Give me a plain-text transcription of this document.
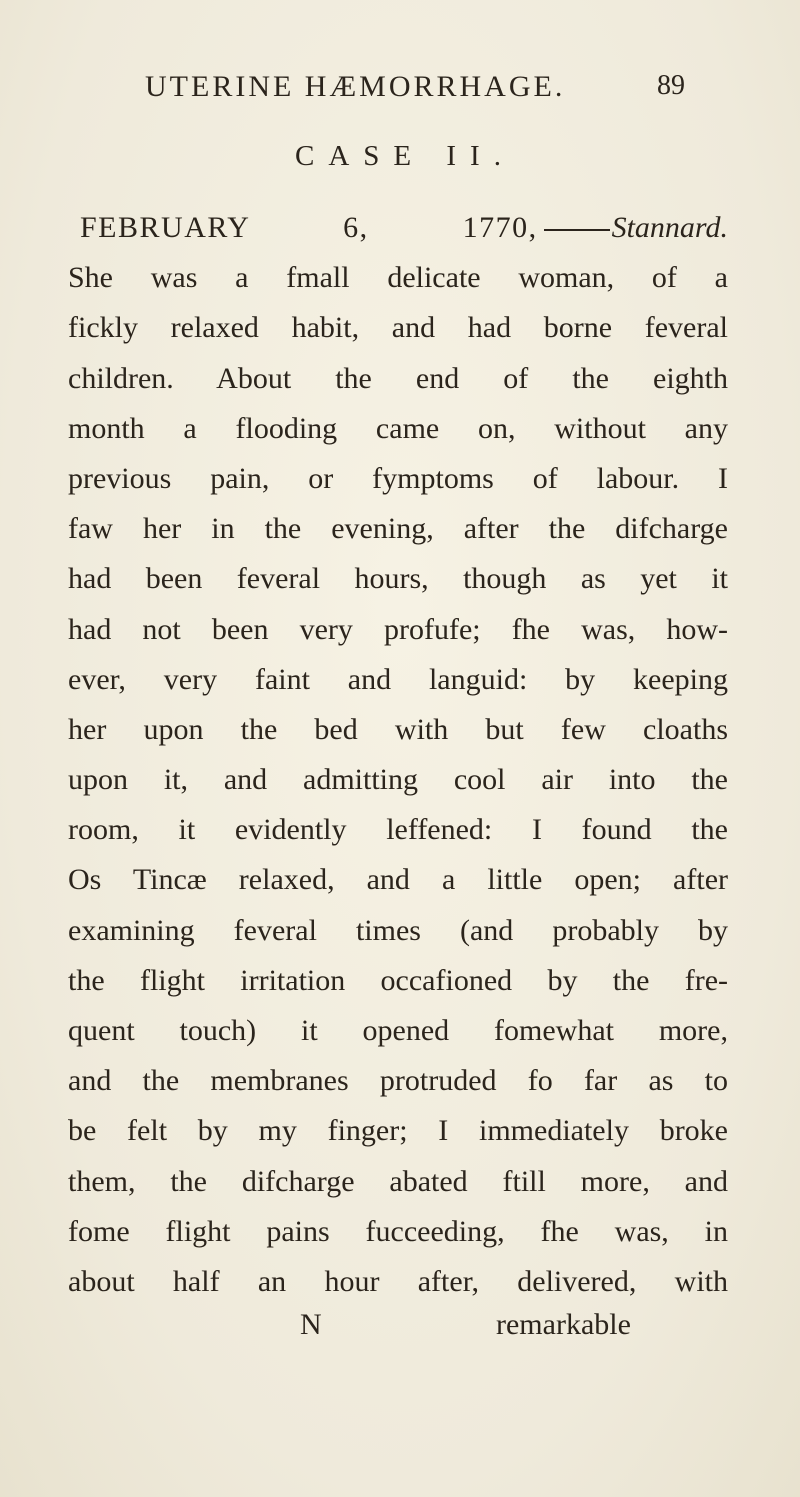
UTERINE HÆMORRHAGE.	89
CASE II.
FEBRUARY 6, 1770, Stannard.
She was a fmall delicate woman, of a
fickly relaxed habit, and had borne feveral
children. About the end of the eighth
month a flooding came on, without any
previous pain, or fymptoms of labour. I
faw her in the evening, after the difcharge
had been feveral hours, though as yet it
had not been very profufe; fhe was, how-
ever, very faint and languid: by keeping
her upon the bed with but few cloaths
upon it, and admitting cool air into the
room, it evidently leffened: I found the
Os Tincæ relaxed, and a little open; after
examining feveral times (and probably by
the flight irritation occafioned by the fre-
quent touch) it opened fomewhat more,
and the membranes protruded fo far as to
be felt by my finger; I immediately broke
them, the difcharge abated ftill more, and
fome flight pains fucceeding, fhe was, in
about half an hour after, delivered, with
N	remarkable
